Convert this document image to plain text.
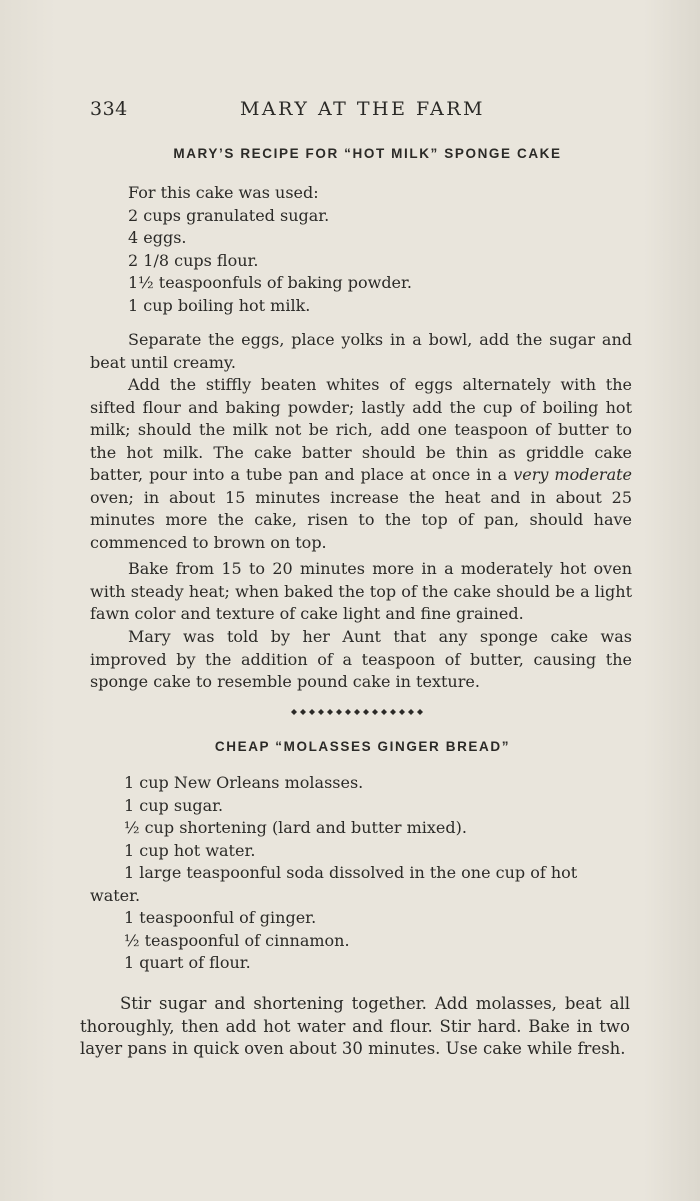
334	MARY AT THE FARM
MARY’S RECIPE FOR “HOT MILK” SPONGE CAKE
For this cake was used:
2 cups granulated sugar.
4 eggs.
2 1/8 cups flour.
1½ teaspoonfuls of baking powder.
1 cup boiling hot milk.

Separate the eggs, place yolks in a bowl, add the sugar and beat until creamy.

Add the stiffly beaten whites of eggs alternately with the sifted flour and baking powder; lastly add the cup of boiling hot milk; should the milk not be rich, add one teaspoon of butter to the hot milk. The cake batter should be thin as griddle cake batter, pour into a tube pan and place at once in a very moderate oven; in about 15 minutes increase the heat and in about 25 minutes more the cake, risen to the top of pan, should have commenced to brown on top.

Bake from 15 to 20 minutes more in a moderately hot oven with steady heat; when baked the top of the cake should be a light fawn color and texture of cake light and fine grained.

Mary was told by her Aunt that any sponge cake was improved by the addition of a teaspoon of butter, causing the sponge cake to resemble pound cake in texture.

CHEAP “MOLASSES GINGER BREAD”
1 cup New Orleans molasses.
1 cup sugar.
½ cup shortening (lard and butter mixed).
1 cup hot water.
1 large teaspoonful soda dissolved in the one cup of hot
water.
1 teaspoonful of ginger.
½ teaspoonful of cinnamon.
1 quart of flour.

Stir sugar and shortening together. Add molasses, beat all thoroughly, then add hot water and flour. Stir hard. Bake in two layer pans in quick oven about 30 minutes. Use cake while fresh.
